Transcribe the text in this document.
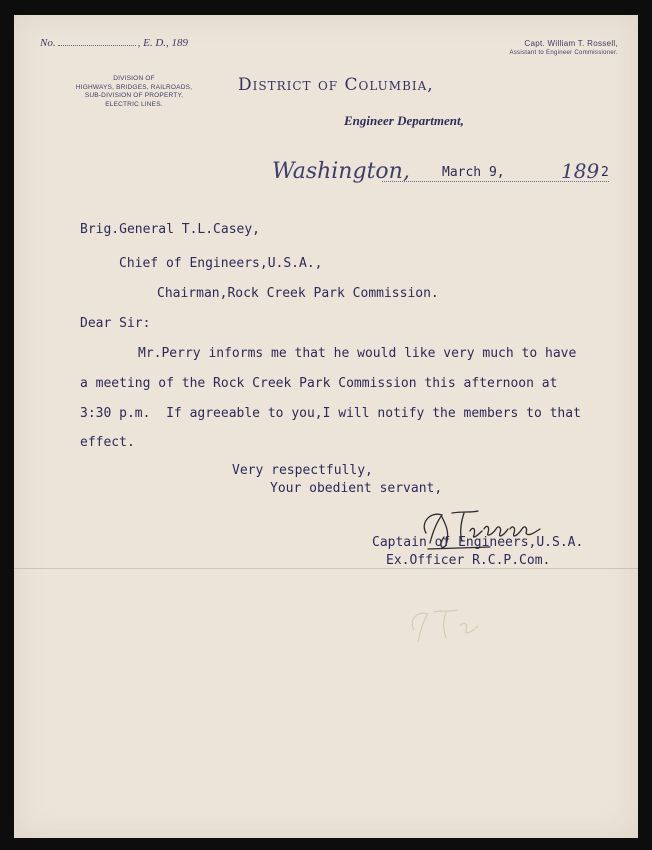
No.	, E. D., 189	Capt. William T. Rossell,
Assistant to Engineer Commissioner.
DIVISION OF
HIGHWAYS, BRIDGES, RAILROADS,
SUB-DIVISION OF PROPERTY,
ELECTRIC LINES.
District of Columbia,
Engineer Department,
Washington, March 9,	189 2
Brig.General T.L.Casey,
Chief of Engineers,U.S.A.,
Chairman,Rock Creek Park Commission.
Dear Sir:
Mr.Perry informs me that he would like very much to have
a meeting of the Rock Creek Park Commission this afternoon at
3:30 p.m.  If agreeable to you,I will notify the members to that
effect.
Very respectfully,
Your obedient servant,
Captain of Engineers,U.S.A.
Ex.Officer R.C.P.Com.
